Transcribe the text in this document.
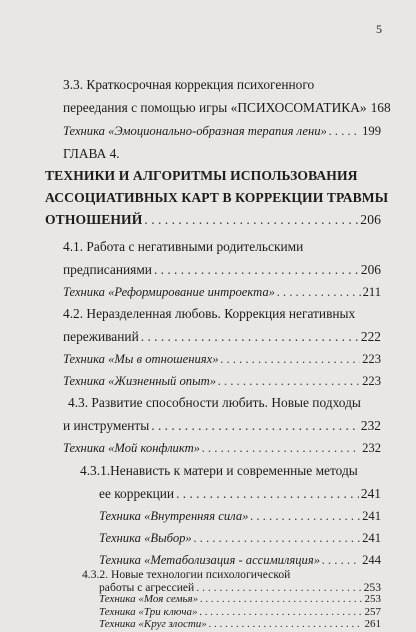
5
3.3. Краткосрочная коррекция психогенного
переедания с помощью игры «ПСИХОСОМАТИКА» 168
Техника «Эмоционально-образная терапия лени» . . .	199
ГЛАВА 4.
ТЕХНИКИ И АЛГОРИТМЫ ИСПОЛЬЗОВАНИЯ
АССОЦИАТИВНЫХ КАРТ В КОРРЕКЦИИ ТРАВМЫ
ОТНОШЕНИЙ . . .	206
4.1. Работа с негативными родительскими
предписаниями . . .	206
Техника «Реформирование интроекта» . . .	211
4.2. Неразделенная любовь. Коррекция негативных
переживаний . . .	222
Техника «Мы в отношениях» . . .	223
Техника «Жизненный опыт» . . .	223
4.3. Развитие способности любить. Новые подходы
и инструменты . . .	232
Техника «Мой конфликт» . . .	232
4.3.1.Ненависть к матери и современные методы
ее коррекции . . .	241
Техника «Внутренняя сила» . . .	241
Техника «Выбор» . . .	241
Техника «Метаболизация - ассимиляция» . . .	244
4.3.2. Новые технологии психологической
работы с агрессией . . .	253
Техника «Моя семья» . . .	253
Техника «Три ключа» . . .	257
Техника «Круг злости» . . .	261
